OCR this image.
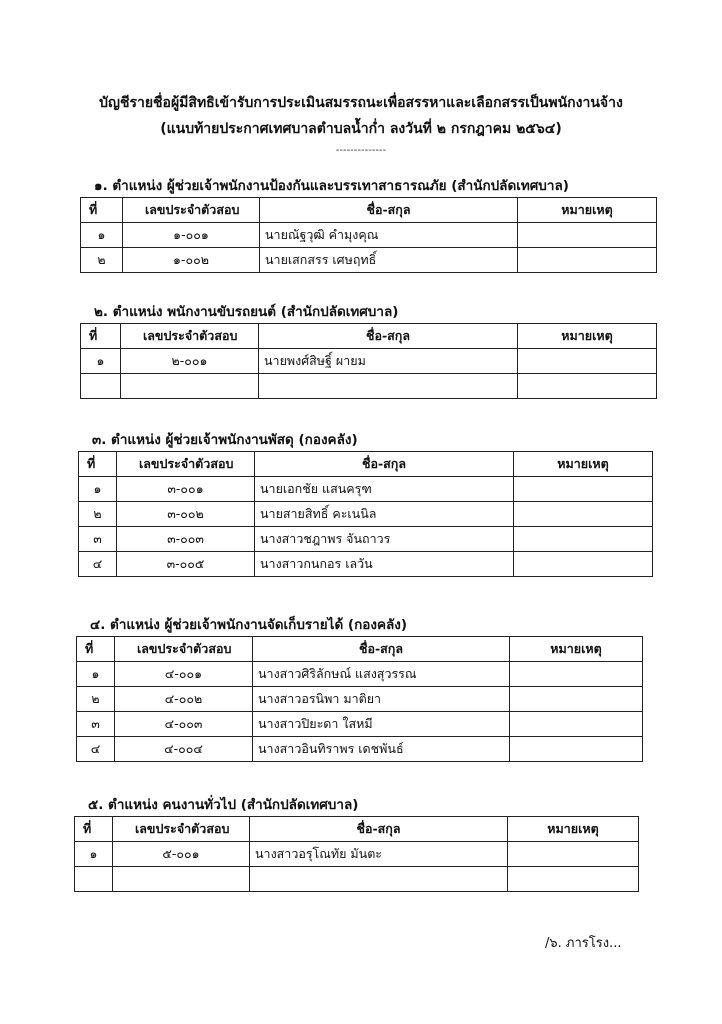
บัญชีรายชื่อผู้มีสิทธิเข้ารับการประเมินสมรรถนะเพื่อสรรหาและเลือกสรรเป็นพนักงานจ้าง
(แนบท้ายประกาศเทศบาลตำบลน้ำก่ำ ลงวันที่ ๒ กรกฎาคม ๒๕๖๔)
--------------
๑. ตำแหน่ง ผู้ช่วยเจ้าพนักงานป้องกันและบรรเทาสาธารณภัย (สำนักปลัดเทศบาล)
ที่	เลขประจำตัวสอบ	ชื่อ-สกุล	หมายเหตุ
๑	๑-๐๐๑	นายณัฐวุฒิ คำมุงคุณ	
๒	๑-๐๐๒	นายเสกสรร เศษฤทธิ์	
๒. ตำแหน่ง พนักงานขับรถยนต์ (สำนักปลัดเทศบาล)
ที่	เลขประจำตัวสอบ	ชื่อ-สกุล	หมายเหตุ
๑	๒-๐๐๑	นายพงศ์สิษฐิ์ ผายม	

๓. ตำแหน่ง ผู้ช่วยเจ้าพนักงานพัสดุ (กองคลัง)
ที่	เลขประจำตัวสอบ	ชื่อ-สกุล	หมายเหตุ
๑	๓-๐๐๑	นายเอกชัย แสนครุฑ	
๒	๓-๐๐๒	นายสายสิทธิ์ คะเนนิล	
๓	๓-๐๐๓	นางสาวชฎาพร จันถาวร	
๔	๓-๐๐๕	นางสาวกนกอร เลวัน	
๔. ตำแหน่ง ผู้ช่วยเจ้าพนักงานจัดเก็บรายได้ (กองคลัง)
ที่	เลขประจำตัวสอบ	ชื่อ-สกุล	หมายเหตุ
๑	๔-๐๐๑	นางสาวศิริลักษณ์ แสงสุวรรณ	
๒	๔-๐๐๒	นางสาวอรนิพา มาติยา	
๓	๔-๐๐๓	นางสาวปิยะดา ใสหมี	
๔	๔-๐๐๔	นางสาวอินทิราพร เดชพันธ์	
๕. ตำแหน่ง คนงานทั่วไป (สำนักปลัดเทศบาล)
ที่	เลขประจำตัวสอบ	ชื่อ-สกุล	หมายเหตุ
๑	๕-๐๐๑	นางสาวอรุโณทัย มันตะ	

/๖. ภารโรง...
